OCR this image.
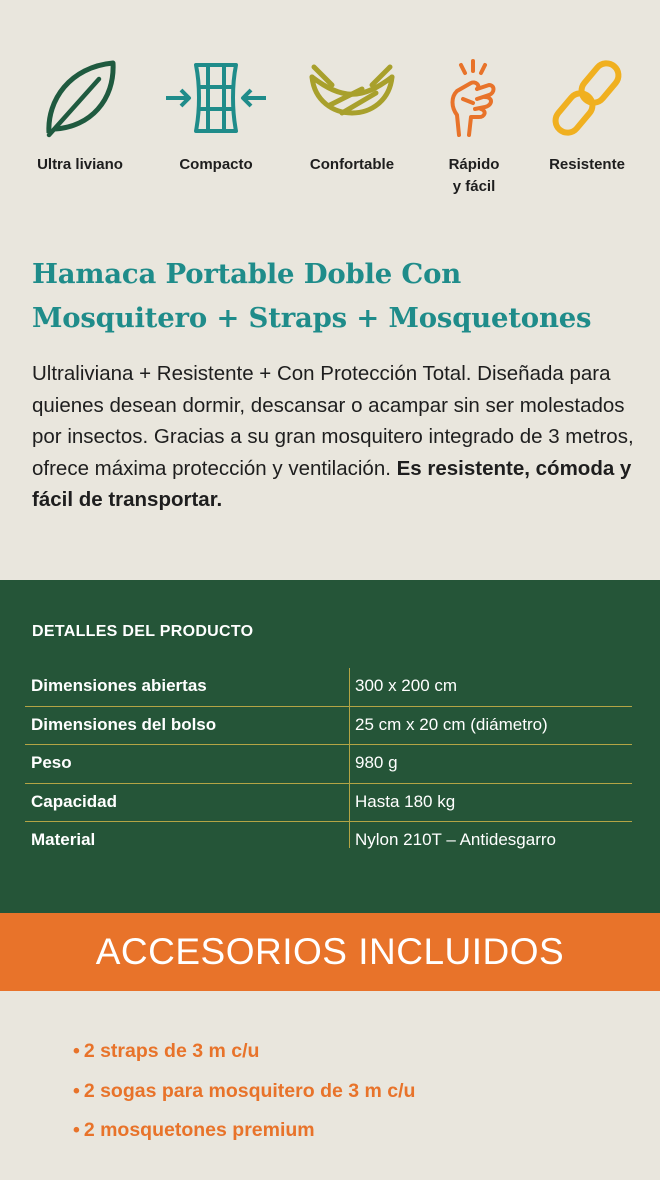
Ultra liviano	Compacto	Confortable	Rápido
y fácil
Resistente
Hamaca Portable Doble Con
Mosquitero + Straps + Mosquetones

Ultraliviana + Resistente + Con Protección Total. Diseñada para quienes desean dormir, descansar o acampar sin ser molestados por insectos. Gracias a su gran mosquitero integrado de 3 metros, ofrece máxima protección y ventilación. Es resistente, cómoda y fácil de transportar.

DETALLES DEL PRODUCTO
Dimensiones abiertas	300 x 200 cm
Dimensiones del bolso	25 cm x 20 cm (diámetro)
Peso	980 g
Capacidad	Hasta 180 kg
Material	Nylon 210T – Antidesgarro
ACCESORIOS INCLUIDOS
• 2 straps de 3 m c/u
• 2 sogas para mosquitero de 3 m c/u
• 2 mosquetones premium
